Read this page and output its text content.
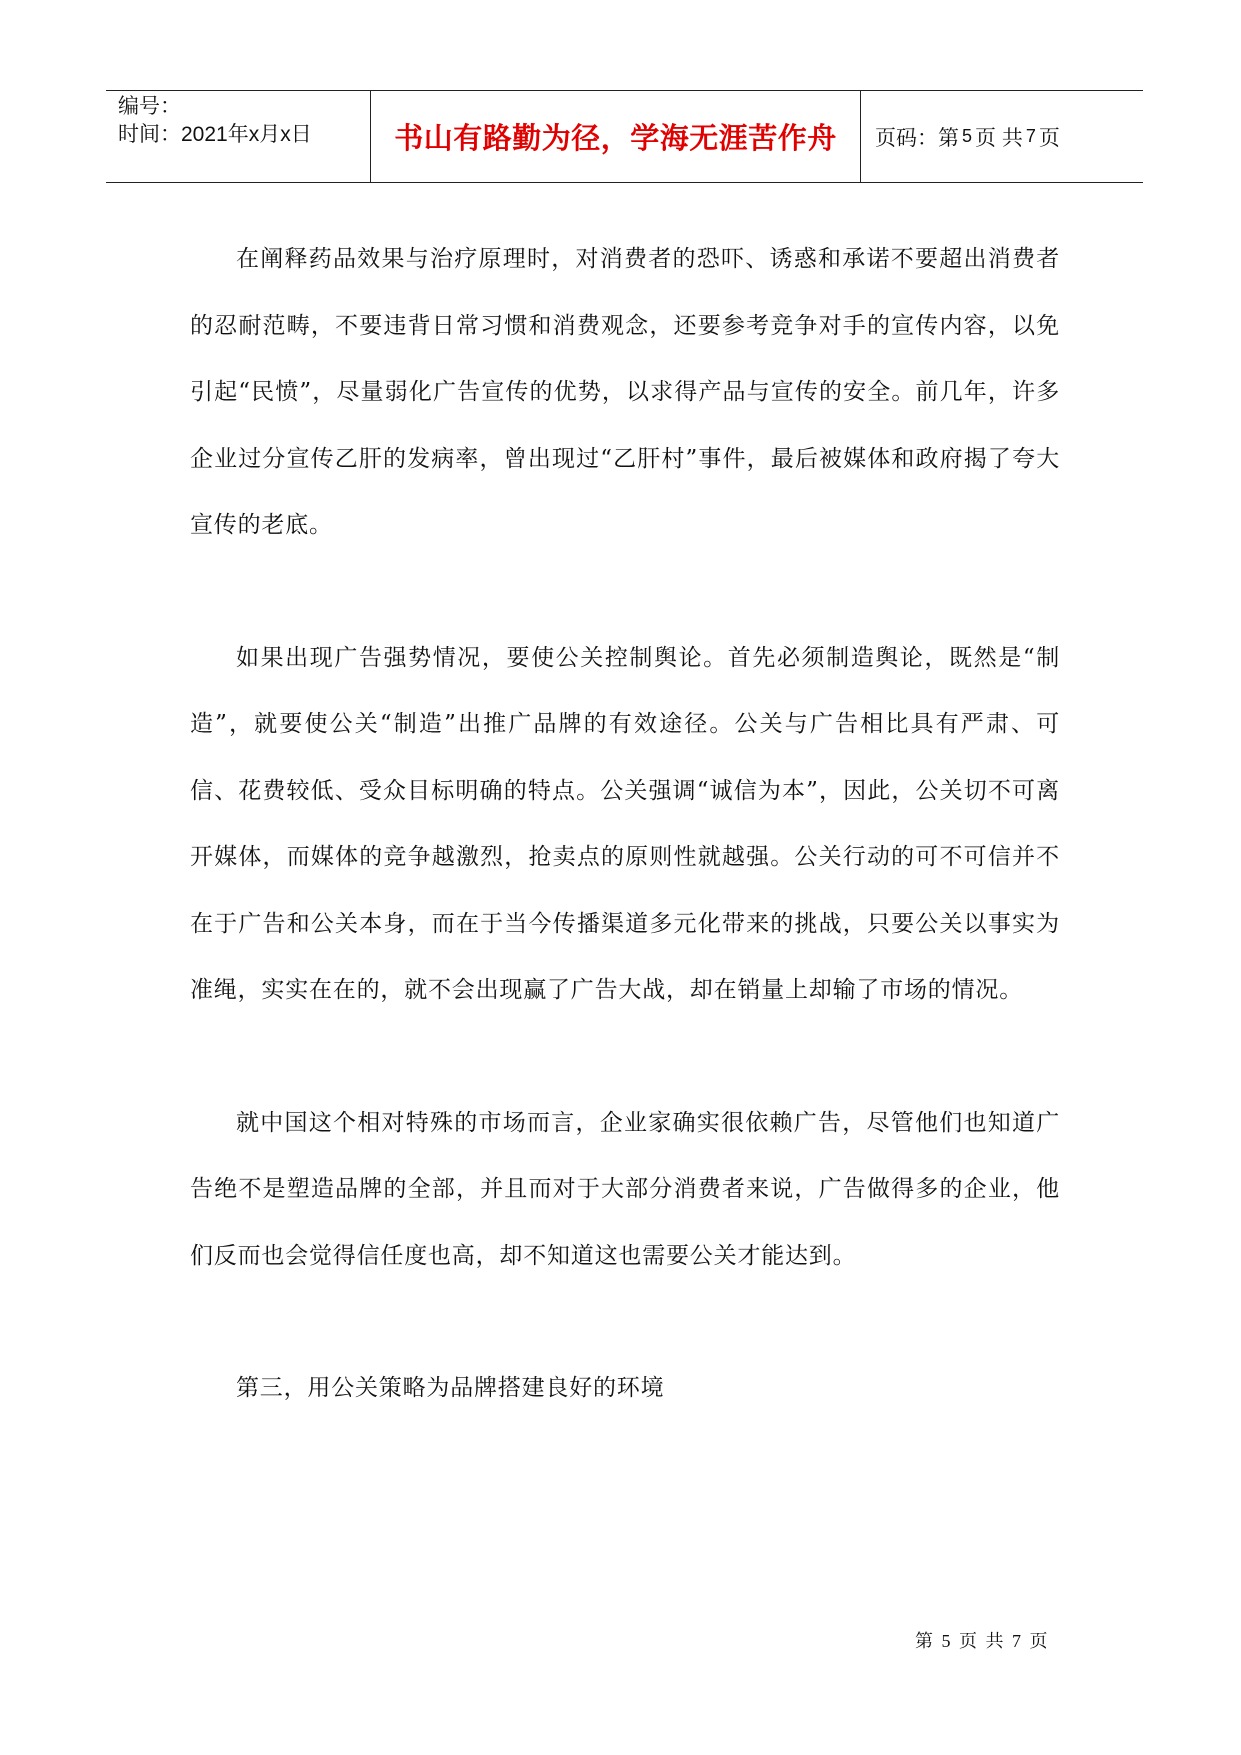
编号：
时间：2021年x月x日	书山有路勤为径，学海无涯苦作舟 页码：第 5 页 共 7 页

在阐释药品效果与治疗原理时，对消费者的恐吓、诱惑和承诺不要超出消费者的忍耐范畴，不要违背日常习惯和消费观念，还要参考竞争对手的宣传内容，以免引起“民愤”，尽量弱化广告宣传的优势，以求得产品与宣传的安全。前几年，许多企业过分宣传乙肝的发病率，曾出现过“乙肝村”事件，最后被媒体和政府揭了夸大宣传的老底。

如果出现广告强势情况，要使公关控制舆论。首先必须制造舆论，既然是“制造”，就要使公关“制造”出推广品牌的有效途径。公关与广告相比具有严肃、可信、花费较低、受众目标明确的特点。公关强调“诚信为本”，因此，公关切不可离开媒体，而媒体的竞争越激烈，抢卖点的原则性就越强。公关行动的可不可信并不在于广告和公关本身，而在于当今传播渠道多元化带来的挑战，只要公关以事实为准绳，实实在在的，就不会出现赢了广告大战，却在销量上却输了市场的情况。

就中国这个相对特殊的市场而言，企业家确实很依赖广告，尽管他们也知道广告绝不是塑造品牌的全部，并且而对于大部分消费者来说，广告做得多的企业，他们反而也会觉得信任度也高，却不知道这也需要公关才能达到。

第三，用公关策略为品牌搭建良好的环境

第 5 页 共 7 页
